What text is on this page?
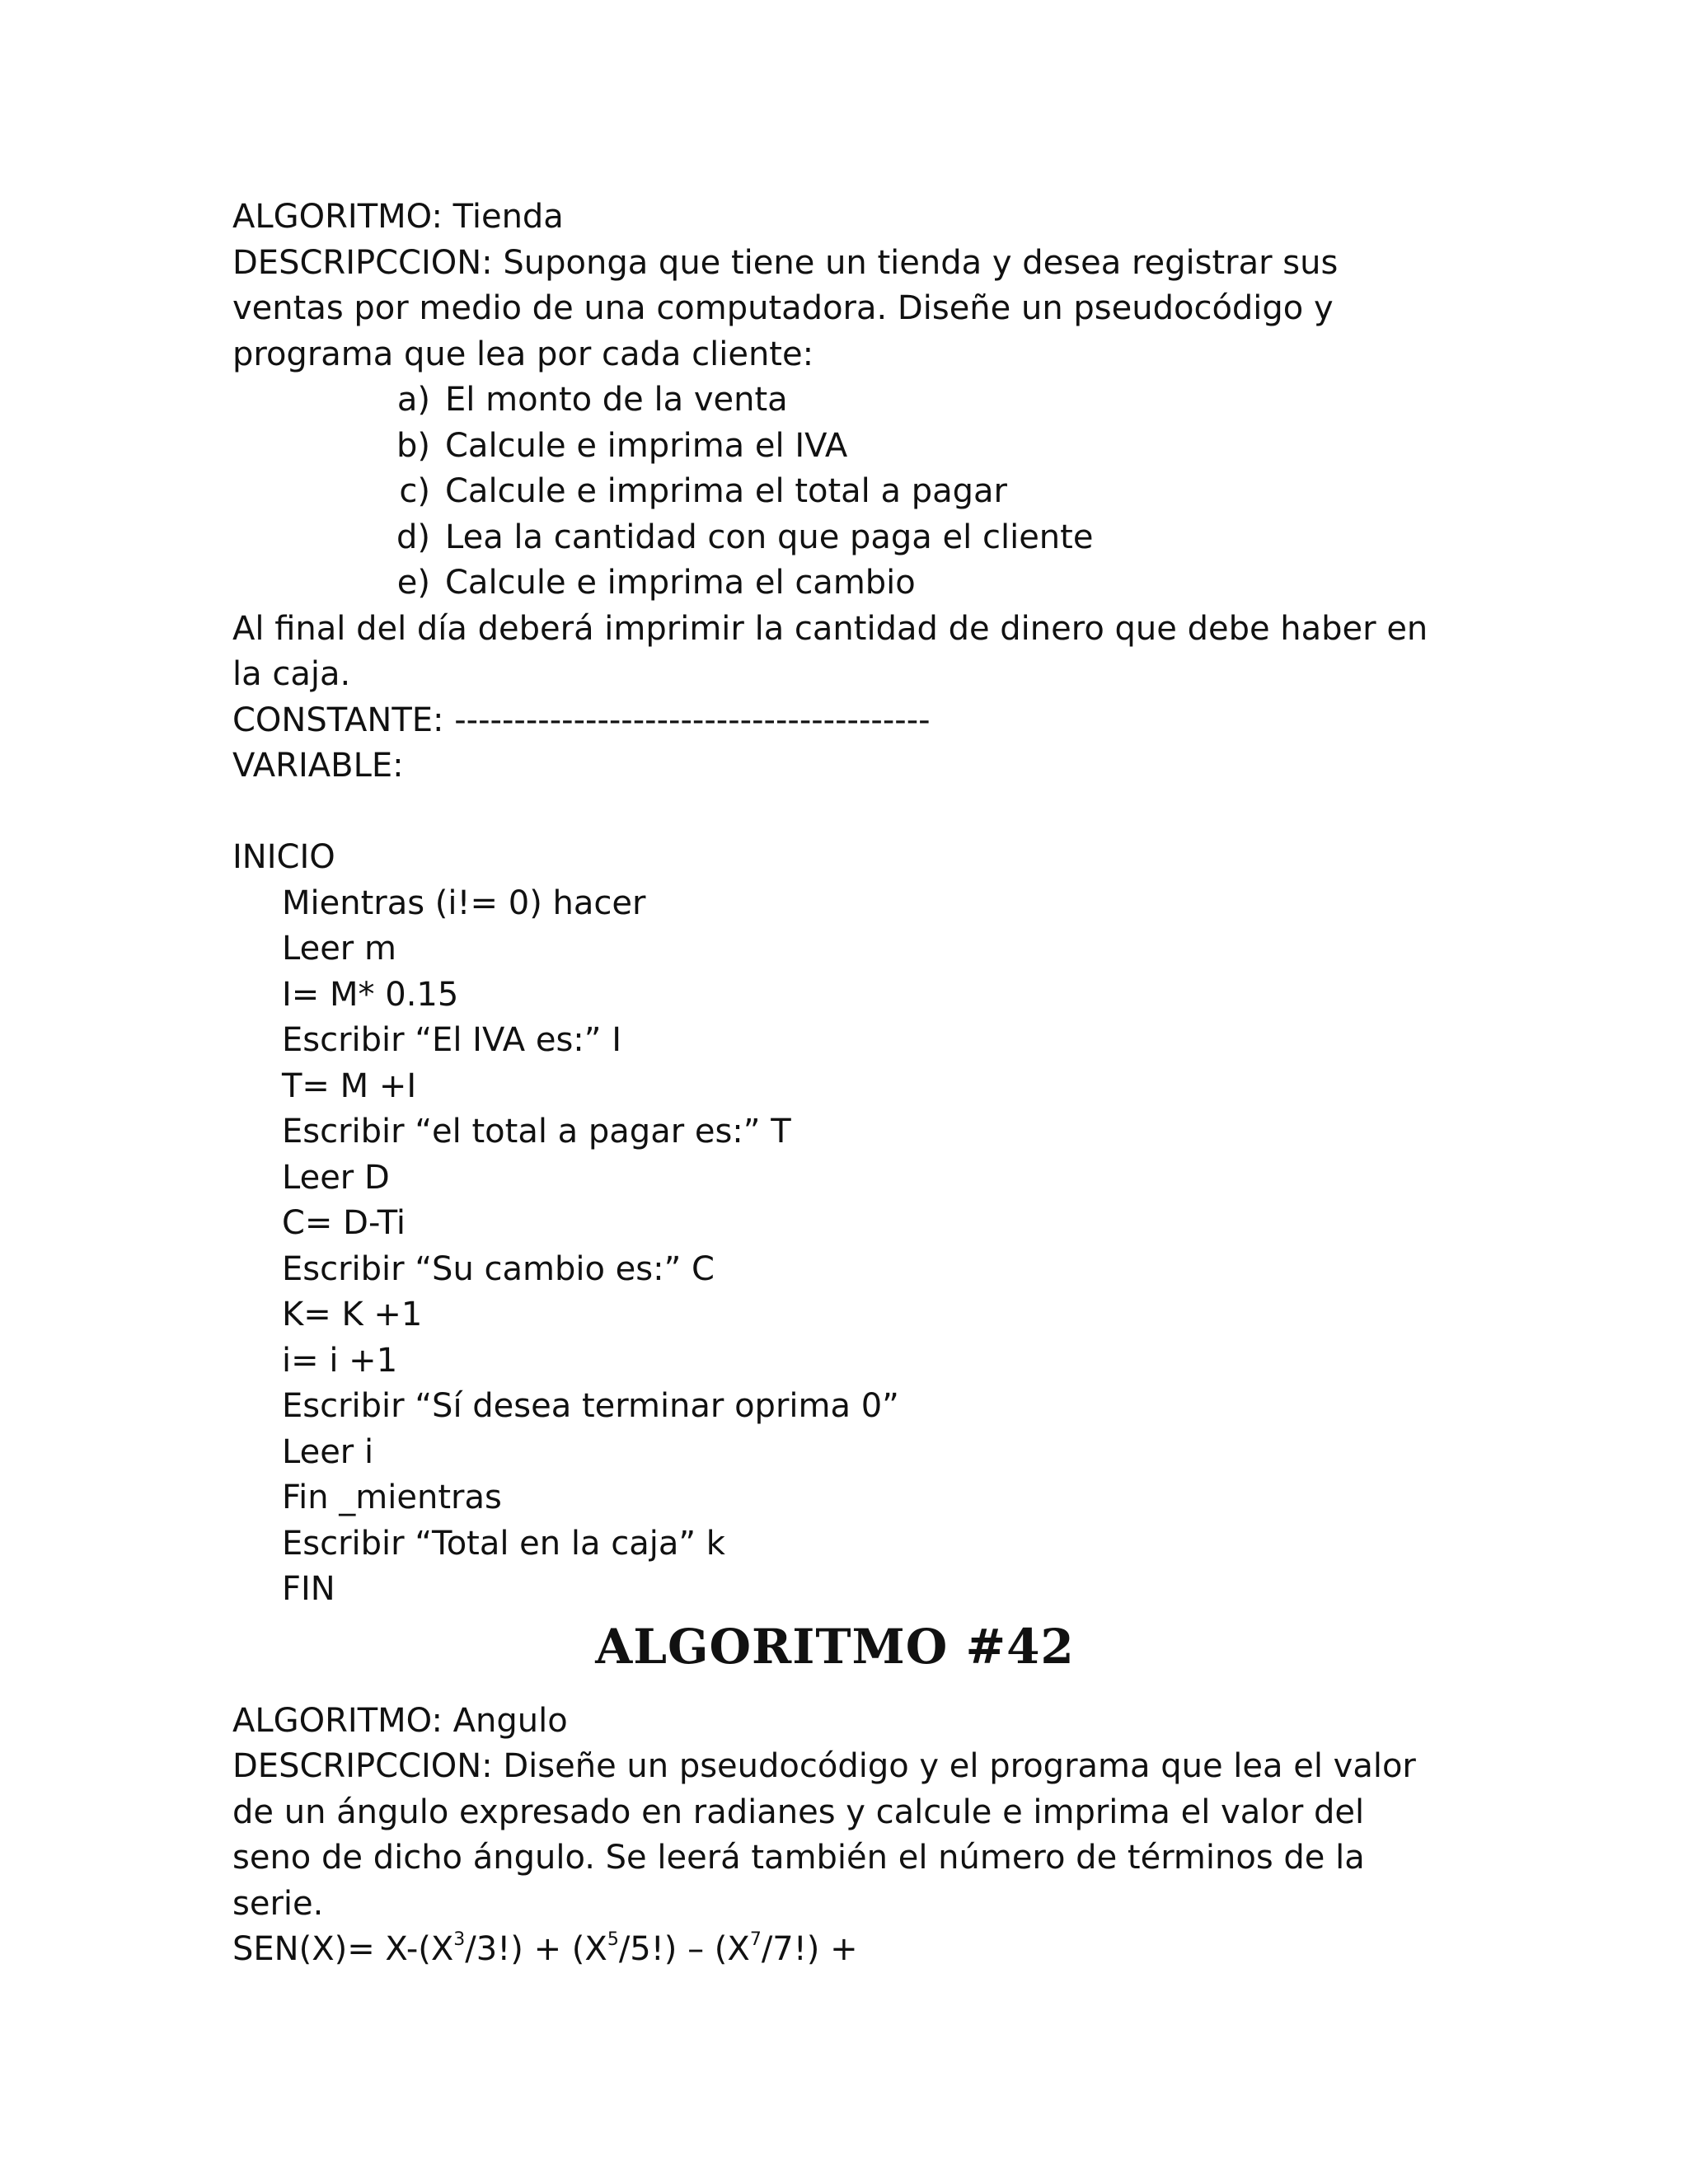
ALGORITMO: Tienda
DESCRIPCCION: Suponga que tiene un tienda y desea registrar sus ventas por medio de una computadora. Diseñe un pseudocódigo y programa que lea por cada cliente:
a) El monto de la venta
b) Calcule e imprima el IVA
c) Calcule e imprima el total a pagar
d) Lea la cantidad con que paga el cliente
e) Calcule e imprima el cambio
Al final del día deberá imprimir la cantidad de dinero que debe haber en la caja.
CONSTANTE: ----------------------------------------
VARIABLE:
INICIO
Mientras (i!= 0) hacer
Leer m
I= M* 0.15
Escribir “El IVA es:” I
T= M +I
Escribir “el total a pagar es:” T
Leer D
C= D-Ti
Escribir “Su cambio es:” C
K= K +1
i= i +1
Escribir “Sí desea terminar oprima 0”
Leer i
Fin _mientras
Escribir “Total en la caja” k
FIN
ALGORITMO #42
ALGORITMO: Angulo
DESCRIPCCION: Diseñe un pseudocódigo y el programa que lea el valor de un ángulo expresado en radianes y calcule e imprima el valor del seno de dicho ángulo. Se leerá también el número de términos de la serie.
$SEN(X)= X-(X^3/3!) + (X^5/5!) - (X^7/7!)$ +
